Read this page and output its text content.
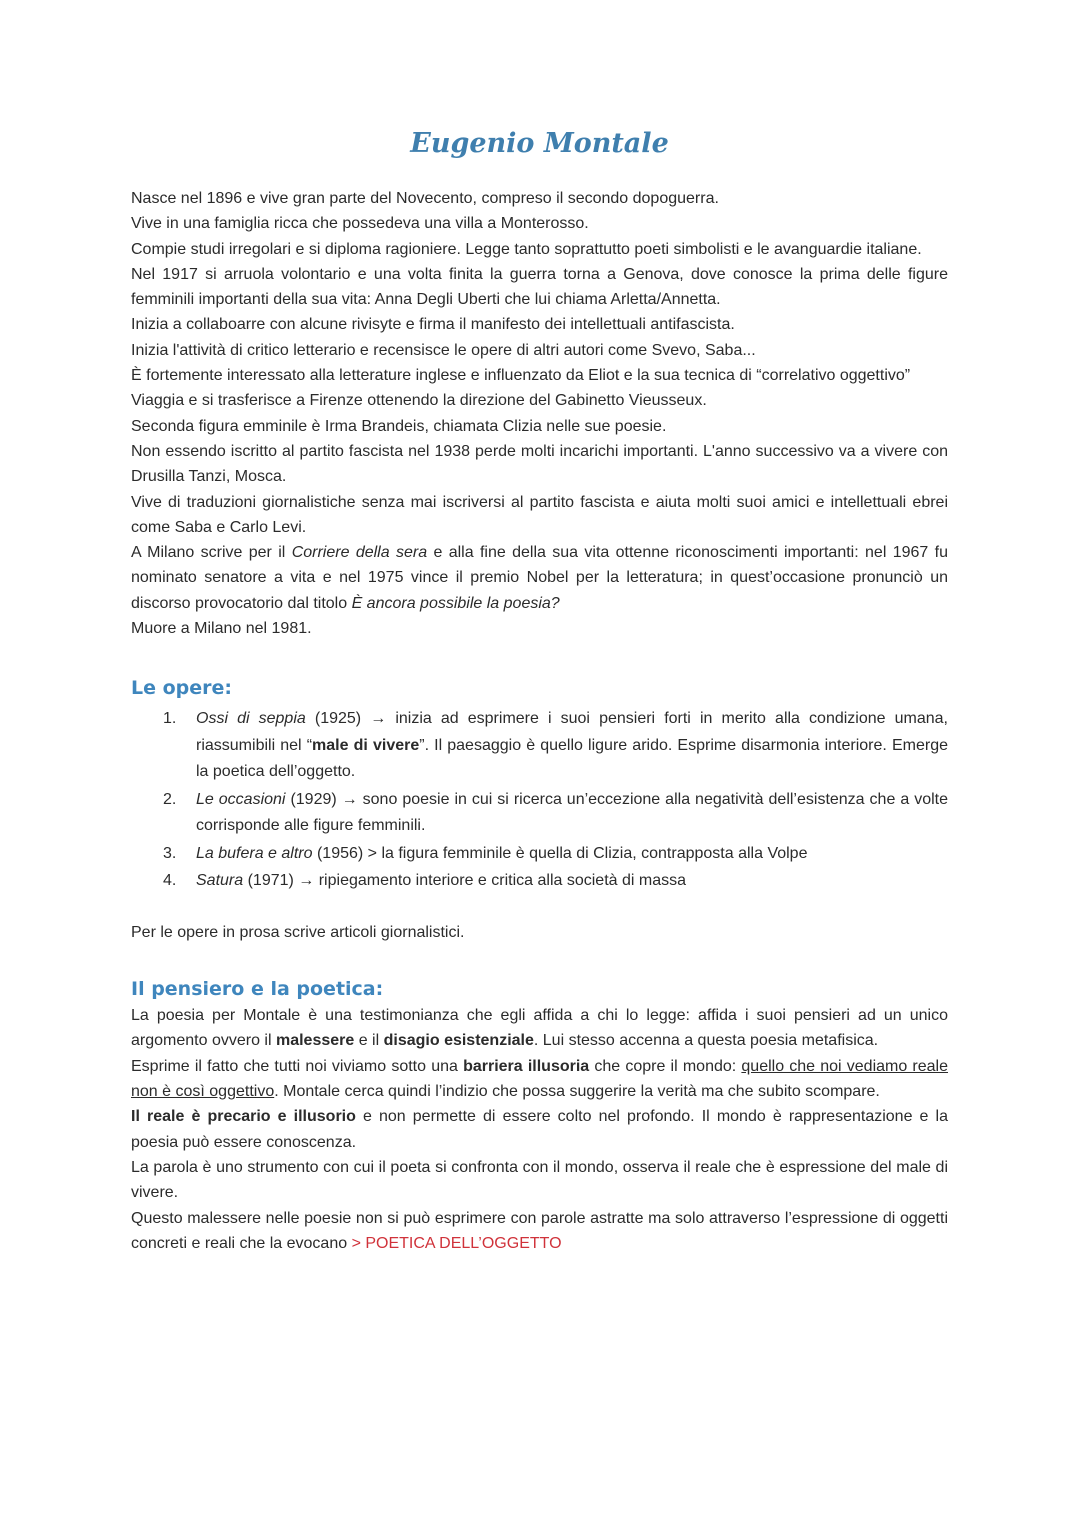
Eugenio Montale

Nasce nel 1896 e vive gran parte del Novecento, compreso il secondo dopoguerra.

Vive in una famiglia ricca che possedeva una villa a Monterosso.

Compie studi irregolari e si diploma ragioniere. Legge tanto soprattutto poeti simbolisti e le avanguardie italiane.

Nel 1917 si arruola volontario e una volta finita la guerra torna a Genova, dove conosce la prima delle figure femminili importanti della sua vita: Anna Degli Uberti che lui chiama Arletta/Annetta.

Inizia a collaboarre con alcune rivisyte e firma il manifesto dei intellettuali antifascista.

Inizia l'attività di critico letterario e recensisce le opere di altri autori come Svevo, Saba...

È fortemente interessato alla letterature inglese e influenzato da Eliot e la sua tecnica di “correlativo oggettivo”

Viaggia e si trasferisce a Firenze ottenendo la direzione del Gabinetto Vieusseux.

Seconda figura emminile è Irma Brandeis, chiamata Clizia nelle sue poesie.

Non essendo iscritto al partito fascista nel 1938 perde molti incarichi importanti. L'anno successivo va a vivere con Drusilla Tanzi, Mosca.

Vive di traduzioni giornalistiche senza mai iscriversi al partito fascista e aiuta molti suoi amici e intellettuali ebrei come Saba e Carlo Levi.

A Milano scrive per il Corriere della sera e alla fine della sua vita ottenne riconoscimenti importanti: nel 1967 fu nominato senatore a vita e nel 1975 vince il premio Nobel per la letteratura; in quest’occasione pronunciò un discorso provocatorio dal titolo È ancora possibile la poesia?

Muore a Milano nel 1981.

Le opere:
1. Ossi di seppia (1925) → inizia ad esprimere i suoi pensieri forti in merito alla condizione umana, riassumibili nel “male di vivere”. Il paesaggio è quello ligure arido. Esprime disarmonia interiore. Emerge la poetica dell’oggetto.
2. Le occasioni (1929) → sono poesie in cui si ricerca un’eccezione alla negatività dell’esistenza che a volte corrisponde alle figure femminili.
3. La bufera e altro (1956) > la figura femminile è quella di Clizia, contrapposta alla Volpe
4. Satura (1971) → ripiegamento interiore e critica alla società di massa

Per le opere in prosa scrive articoli giornalistici.

Il pensiero e la poetica:

La poesia per Montale è una testimonianza che egli affida a chi lo legge: affida i suoi pensieri ad un unico argomento ovvero il malessere e il disagio esistenziale. Lui stesso accenna a questa poesia metafisica.

Esprime il fatto che tutti noi viviamo sotto una barriera illusoria che copre il mondo: quello che noi vediamo reale non è così oggettivo. Montale cerca quindi l’indizio che possa suggerire la verità ma che subito scompare.

Il reale è precario e illusorio e non permette di essere colto nel profondo. Il mondo è rappresentazione e la poesia può essere conoscenza.

La parola è uno strumento con cui il poeta si confronta con il mondo, osserva il reale che è espressione del male di vivere.

Questo malessere nelle poesie non si può esprimere con parole astratte ma solo attraverso l’espressione di oggetti concreti e reali che la evocano > POETICA DELL’OGGETTO
